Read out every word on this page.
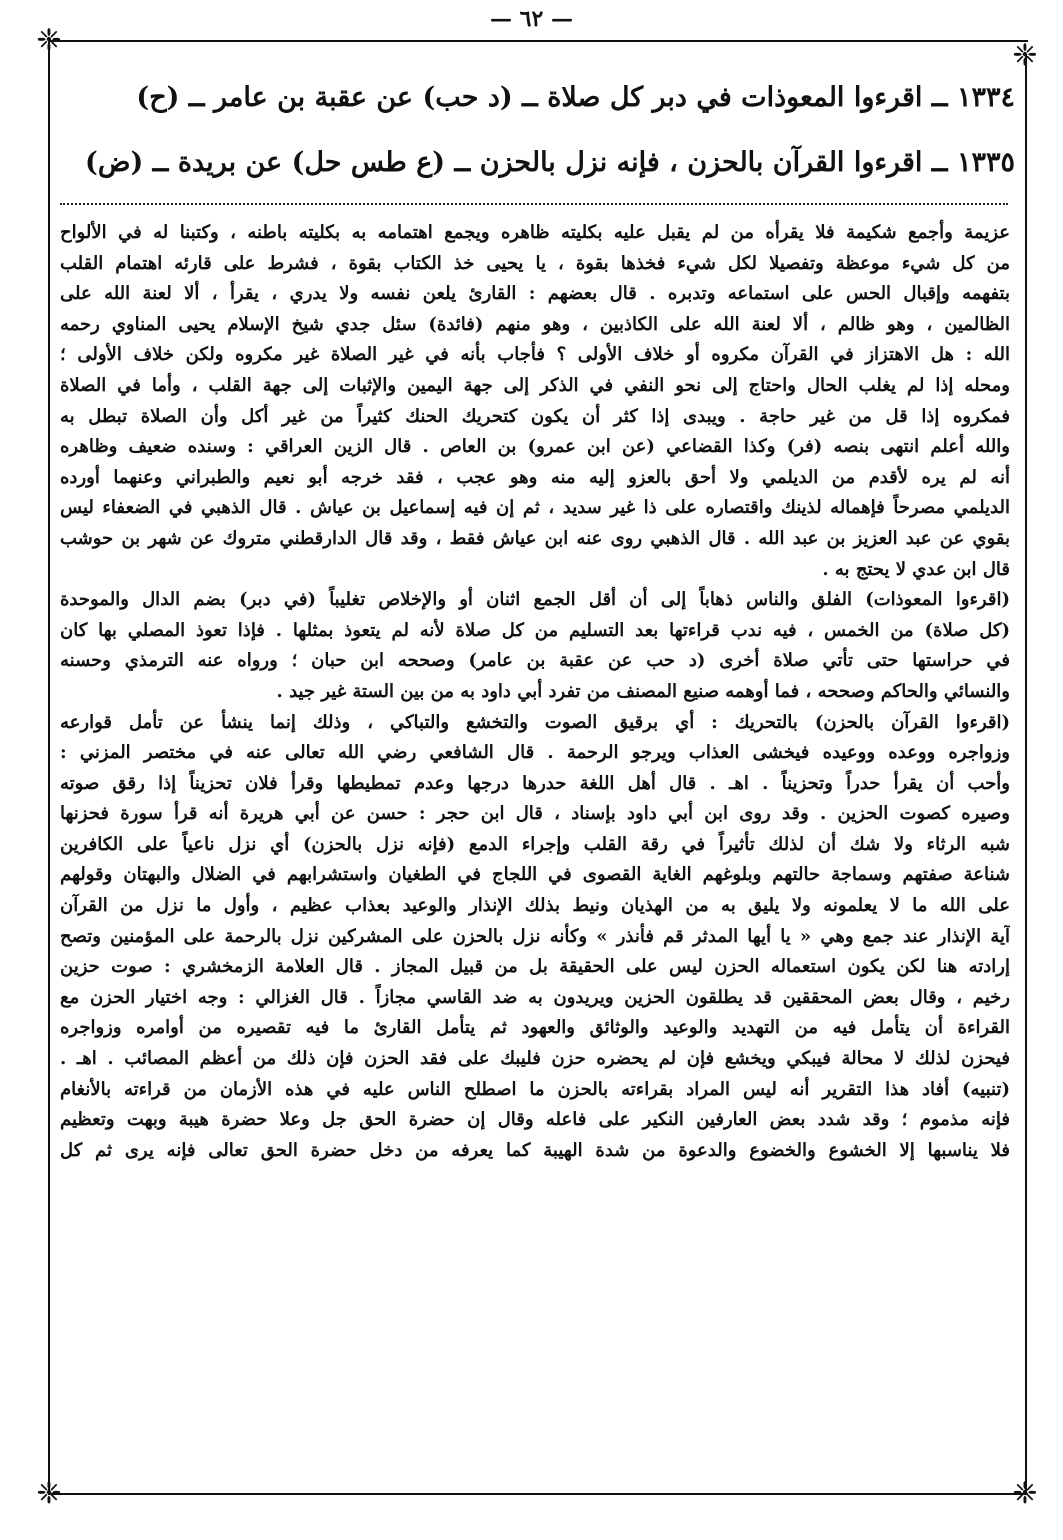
— ٦٢ —
❈	❈
❈	❈
١٣٣٤ ــ اقرءوا المعوذات في دبر كل صلاة ــ (د حب) عن عقبة بن عامر ــ (ح)
١٣٣٥ ــ اقرءوا القرآن بالحزن ، فإنه نزل بالحزن ــ (ع طس حل) عن بريدة ــ (ض)
عزيمة وأجمع شكيمة فلا يقرأه من لم يقبل عليه بكليته ظاهره ويجمع اهتمامه به بكليته باطنه ، وكتبنا له في الألواح
من كل شيء موعظة وتفصيلا لكل شيء فخذها بقوة ، يا يحيى خذ الكتاب بقوة ، فشرط على قارئه اهتمام القلب
بتفهمه وإقبال الحس على استماعه وتدبره . قال بعضهم : القارئ يلعن نفسه ولا يدري ، يقرأ ، ألا لعنة الله على
الظالمين ، وهو ظالم ، ألا لعنة الله على الكاذبين ، وهو منهم (فائدة) سئل جدي شيخ الإسلام يحيى المناوي رحمه
الله : هل الاهتزاز في القرآن مكروه أو خلاف الأولى ؟ فأجاب بأنه في غير الصلاة غير مكروه ولكن خلاف الأولى ؛
ومحله إذا لم يغلب الحال واحتاج إلى نحو النفي في الذكر إلى جهة اليمين والإثبات إلى جهة القلب ، وأما في الصلاة
فمكروه إذا قل من غير حاجة . ويبدى إذا كثر أن يكون كتحريك الحنك كثيراً من غير أكل وأن الصلاة تبطل به
والله أعلم انتهى بنصه (فر) وكذا القضاعي (عن ابن عمرو) بن العاص . قال الزين العراقي : وسنده ضعيف وظاهره
أنه لم يره لأقدم من الديلمي ولا أحق بالعزو إليه منه وهو عجب ، فقد خرجه أبو نعيم والطبراني وعنهما أورده
الديلمي مصرحاً فإهماله لذينك واقتصاره على ذا غير سديد ، ثم إن فيه إسماعيل بن عياش . قال الذهبي في الضعفاء ليس
بقوي عن عبد العزيز بن عبد الله . قال الذهبي روى عنه ابن عياش فقط ، وقد قال الدارقطني متروك عن شهر بن حوشب
قال ابن عدي لا يحتج به .
(اقرءوا المعوذات) الفلق والناس ذهاباً إلى أن أقل الجمع اثنان أو والإخلاص تغليباً (في دبر) بضم الدال والموحدة
(كل صلاة) من الخمس ، فيه ندب قراءتها بعد التسليم من كل صلاة لأنه لم يتعوذ بمثلها . فإذا تعوذ المصلي بها كان
في حراستها حتى تأتي صلاة أخرى (د حب عن عقبة بن عامر) وصححه ابن حبان ؛ ورواه عنه الترمذي وحسنه
والنسائي والحاكم وصححه ، فما أوهمه صنيع المصنف من تفرد أبي داود به من بين الستة غير جيد .
(اقرءوا القرآن بالحزن) بالتحريك : أي برقيق الصوت والتخشع والتباكي ، وذلك إنما ينشأ عن تأمل قوارعه
وزواجره ووعده ووعيده فيخشى العذاب ويرجو الرحمة . قال الشافعي رضي الله تعالى عنه في مختصر المزني :
وأحب أن يقرأ حدراً وتحزيناً . اهـ . قال أهل اللغة حدرها درجها وعدم تمطيطها وقرأ فلان تحزيناً إذا رقق صوته
وصيره كصوت الحزين . وقد روى ابن أبي داود بإسناد ، قال ابن حجر : حسن عن أبي هريرة أنه قرأ سورة فحزنها
شبه الرثاء ولا شك أن لذلك تأثيراً في رقة القلب وإجراء الدمع (فإنه نزل بالحزن) أي نزل ناعياً على الكافرين
شناعة صفتهم وسماجة حالتهم وبلوغهم الغاية القصوى في اللجاج في الطغيان واستشرابهم في الضلال والبهتان وقولهم
على الله ما لا يعلمونه ولا يليق به من الهذيان ونيط بذلك الإنذار والوعيد بعذاب عظيم ، وأول ما نزل من القرآن
آية الإنذار عند جمع وهي « يا أيها المدثر قم فأنذر » وكأنه نزل بالحزن على المشركين نزل بالرحمة على المؤمنين وتصح
إرادته هنا لكن يكون استعماله الحزن ليس على الحقيقة بل من قبيل المجاز . قال العلامة الزمخشري : صوت حزين
رخيم ، وقال بعض المحققين قد يطلقون الحزين ويريدون به ضد القاسي مجازاً . قال الغزالي : وجه اختيار الحزن مع
القراءة أن يتأمل فيه من التهديد والوعيد والوثائق والعهود ثم يتأمل القارئ ما فيه تقصيره من أوامره وزواجره
فيحزن لذلك لا محالة فيبكي ويخشع فإن لم يحضره حزن فليبك على فقد الحزن فإن ذلك من أعظم المصائب . اهـ .
(تنبيه) أفاد هذا التقرير أنه ليس المراد بقراءته بالحزن ما اصطلح الناس عليه في هذه الأزمان من قراءته بالأنغام
فإنه مذموم ؛ وقد شدد بعض العارفين النكير على فاعله وقال إن حضرة الحق جل وعلا حضرة هيبة وبهت وتعظيم
فلا يناسبها إلا الخشوع والخضوع والدعوة من شدة الهيبة كما يعرفه من دخل حضرة الحق تعالى فإنه يرى ثم كل
